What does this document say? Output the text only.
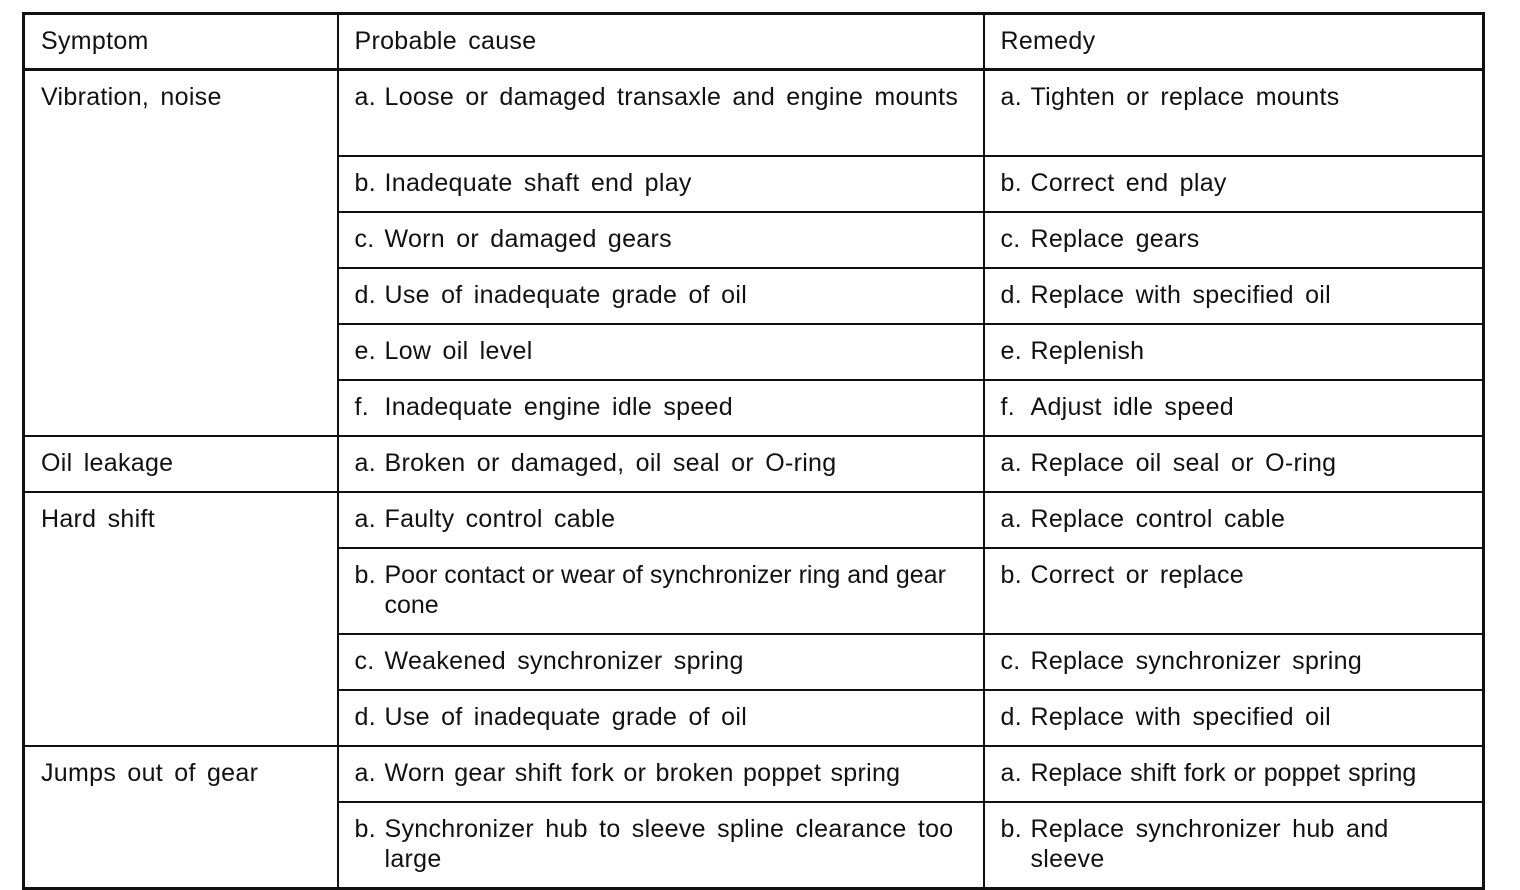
Symptom	Probable cause	Remedy
Vibration, noise	a. Loose or damaged transaxle and engine mounts	a. Tighten or replace mounts

	b. Inadequate shaft end play	b. Correct end play

	c. Worn or damaged gears	c. Replace gears

	d. Use of inadequate grade of oil	d. Replace with specified oil

	e. Low oil level	e. Replenish

	f. Inadequate engine idle speed	f. Adjust idle speed

Oil leakage	a. Broken or damaged, oil seal or O-ring	a. Replace oil seal or O-ring

Hard shift	a. Faulty control cable	a. Replace control cable

	b. Poor contact or wear of synchronizer ring and gear cone	b. Correct or replace

	c. Weakened synchronizer spring	c. Replace synchronizer spring

	d. Use of inadequate grade of oil	d. Replace with specified oil

Jumps out of gear	a. Worn gear shift fork or broken poppet spring	a. Replace shift fork or poppet spring

	b. Synchronizer hub to sleeve spline clearance too large	b. Replace synchronizer hub and sleeve
